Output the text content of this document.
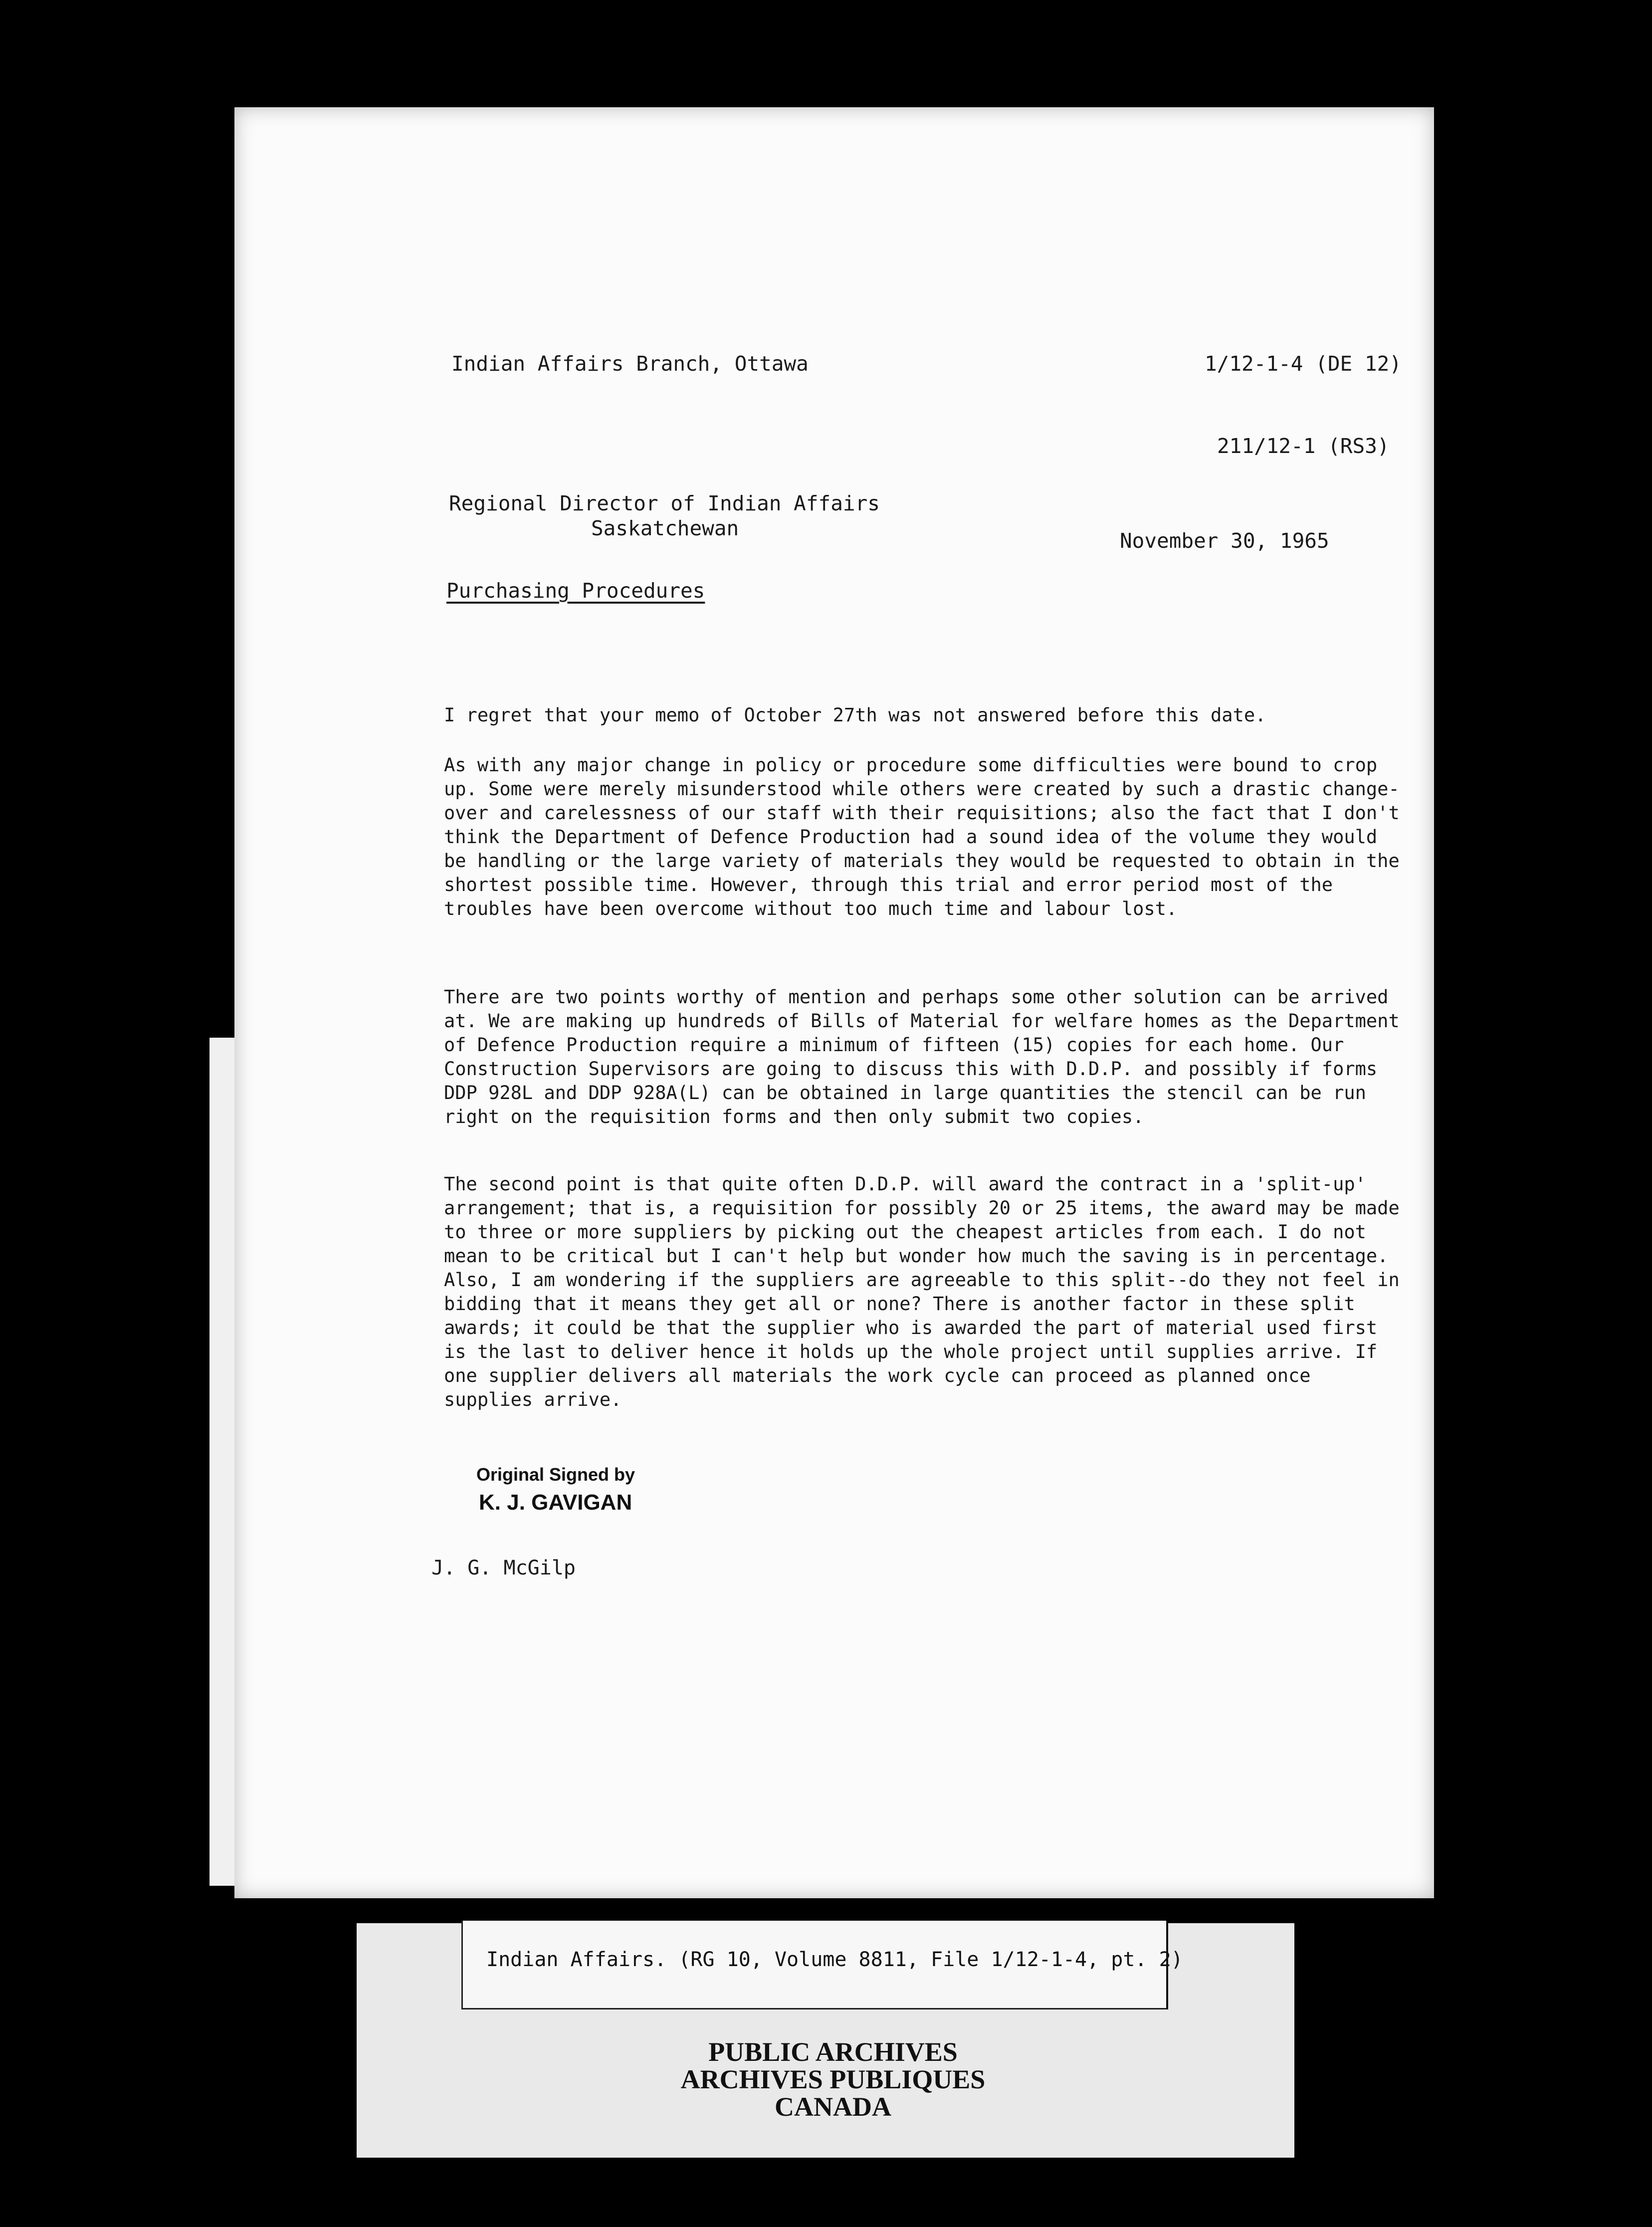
Indian Affairs Branch, Ottawa	1/12-1-4 (DE 12)
211/12-1 (RS3)
Regional Director of Indian Affairs
Saskatchewan
November 30, 1965
Purchasing Procedures

I regret that your memo of October 27th was not answered before this date.

As with any major change in policy or procedure some difficulties were bound to crop up. Some were merely misunderstood while others were created by such a drastic change-over and carelessness of our staff with their requisitions; also the fact that I don't think the Department of Defence Production had a sound idea of the volume they would be handling or the large variety of materials they would be requested to obtain in the shortest possible time. However, through this trial and error period most of the troubles have been overcome without too much time and labour lost.

There are two points worthy of mention and perhaps some other solution can be arrived at. We are making up hundreds of Bills of Material for welfare homes as the Department of Defence Production require a minimum of fifteen (15) copies for each home. Our Construction Supervisors are going to discuss this with D.D.P. and possibly if forms DDP 928L and DDP 928A(L) can be obtained in large quantities the stencil can be run right on the requisition forms and then only submit two copies.

The second point is that quite often D.D.P. will award the contract in a 'split-up' arrangement; that is, a requisition for possibly 20 or 25 items, the award may be made to three or more suppliers by picking out the cheapest articles from each. I do not mean to be critical but I can't help but wonder how much the saving is in percentage. Also, I am wondering if the suppliers are agreeable to this split--do they not feel in bidding that it means they get all or none? There is another factor in these split awards; it could be that the supplier who is awarded the part of material used first is the last to deliver hence it holds up the whole project until supplies arrive. If one supplier delivers all materials the work cycle can proceed as planned once supplies arrive.

Original Signed by
K. J. GAVIGAN
J. G. McGilp
Indian Affairs. (RG 10, Volume 8811, File 1/12-1-4, pt. 2)
PUBLIC ARCHIVES
ARCHIVES PUBLIQUES
CANADA
